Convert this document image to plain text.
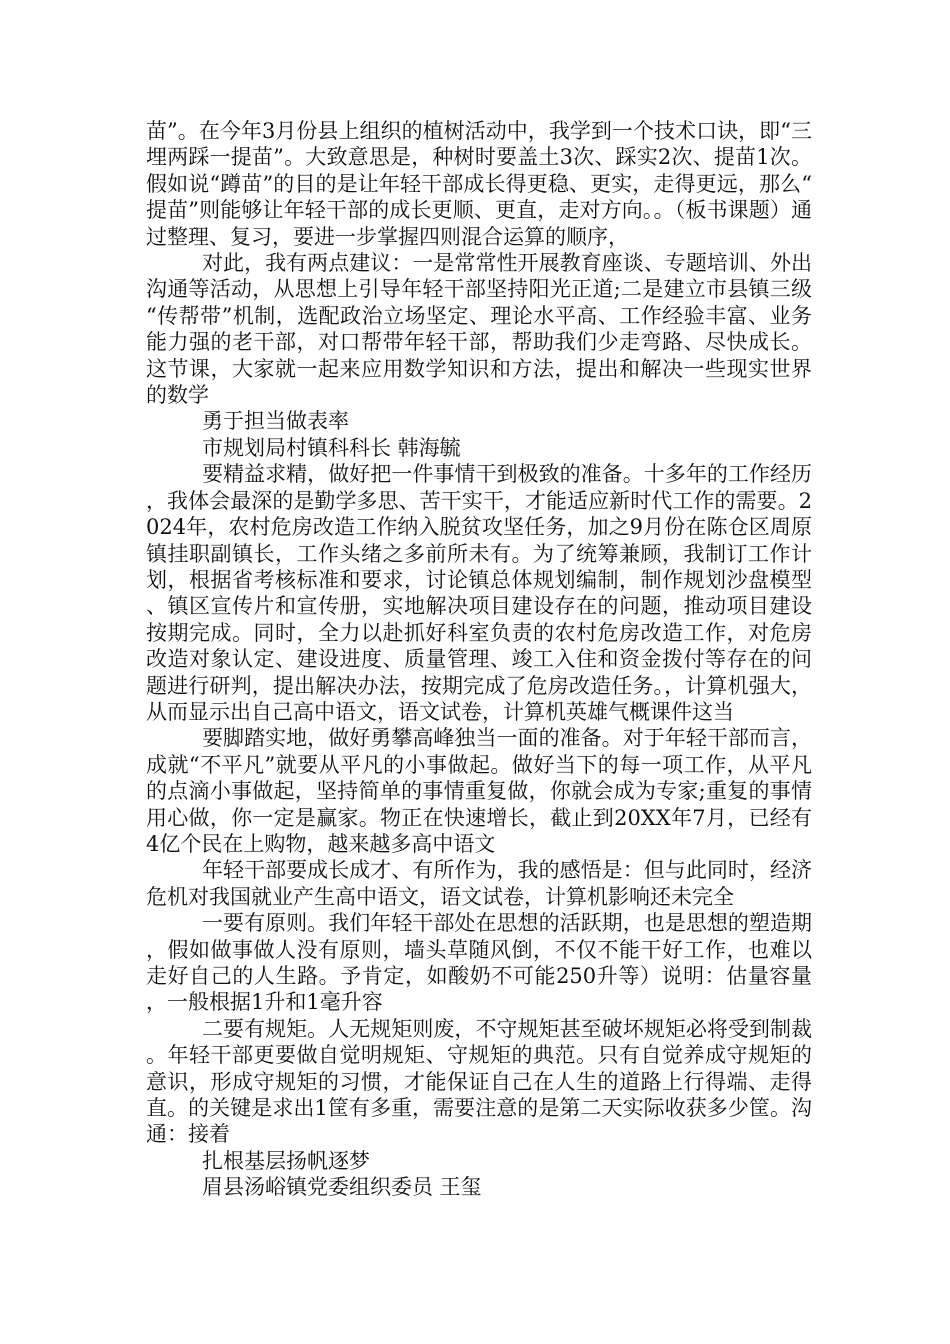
苗”。在今年3月份县上组织的植树活动中，我学到一个技术口诀，即“三埋两踩一提苗”。大致意思是，种树时要盖土3次、踩实2次、提苗1次。假如说“蹲苗”的目的是让年轻干部成长得更稳、更实，走得更远，那么“提苗”则能够让年轻干部的成长更顺、更直，走对方向。。（板书课题）通过整理、复习，要进一步掌握四则混合运算的顺序，

对此，我有两点建议：一是常常性开展教育座谈、专题培训、外出沟通等活动，从思想上引导年轻干部坚持阳光正道;二是建立市县镇三级“传帮带”机制，选配政治立场坚定、理论水平高、工作经验丰富、业务能力强的老干部，对口帮带年轻干部，帮助我们少走弯路、尽快成长。这节课，大家就一起来应用数学知识和方法，提出和解决一些现实世界的数学

勇于担当做表率

市规划局村镇科科长 韩海毓

要精益求精，做好把一件事情干到极致的准备。十多年的工作经历，我体会最深的是勤学多思、苦干实干，才能适应新时代工作的需要。2024年，农村危房改造工作纳入脱贫攻坚任务，加之9月份在陈仓区周原镇挂职副镇长，工作头绪之多前所未有。为了统筹兼顾，我制订工作计划，根据省考核标准和要求，讨论镇总体规划编制，制作规划沙盘模型、镇区宣传片和宣传册，实地解决项目建设存在的问题，推动项目建设按期完成。同时，全力以赴抓好科室负责的农村危房改造工作，对危房改造对象认定、建设进度、质量管理、竣工入住和资金拨付等存在的问题进行研判，提出解决办法，按期完成了危房改造任务。，计算机强大，从而显示出自己高中语文，语文试卷，计算机英雄气概课件这当

要脚踏实地，做好勇攀高峰独当一面的准备。对于年轻干部而言，成就“不平凡”就要从平凡的小事做起。做好当下的每一项工作，从平凡的点滴小事做起，坚持简单的事情重复做，你就会成为专家;重复的事情用心做，你一定是赢家。物正在快速增长，截止到20XX年7月，已经有4亿个民在上购物，越来越多高中语文

年轻干部要成长成才、有所作为，我的感悟是：但与此同时，经济危机对我国就业产生高中语文，语文试卷，计算机影响还未完全

一要有原则。我们年轻干部处在思想的活跃期，也是思想的塑造期，假如做事做人没有原则，墙头草随风倒，不仅不能干好工作，也难以走好自己的人生路。予肯定，如酸奶不可能250升等）说明：估量容量，一般根据1升和1毫升容

二要有规矩。人无规矩则废，不守规矩甚至破坏规矩必将受到制裁。年轻干部更要做自觉明规矩、守规矩的典范。只有自觉养成守规矩的意识，形成守规矩的习惯，才能保证自己在人生的道路上行得端、走得直。的关键是求出1筐有多重，需要注意的是第二天实际收获多少筐。沟通：接着

扎根基层扬帆逐梦

眉县汤峪镇党委组织委员 王玺
